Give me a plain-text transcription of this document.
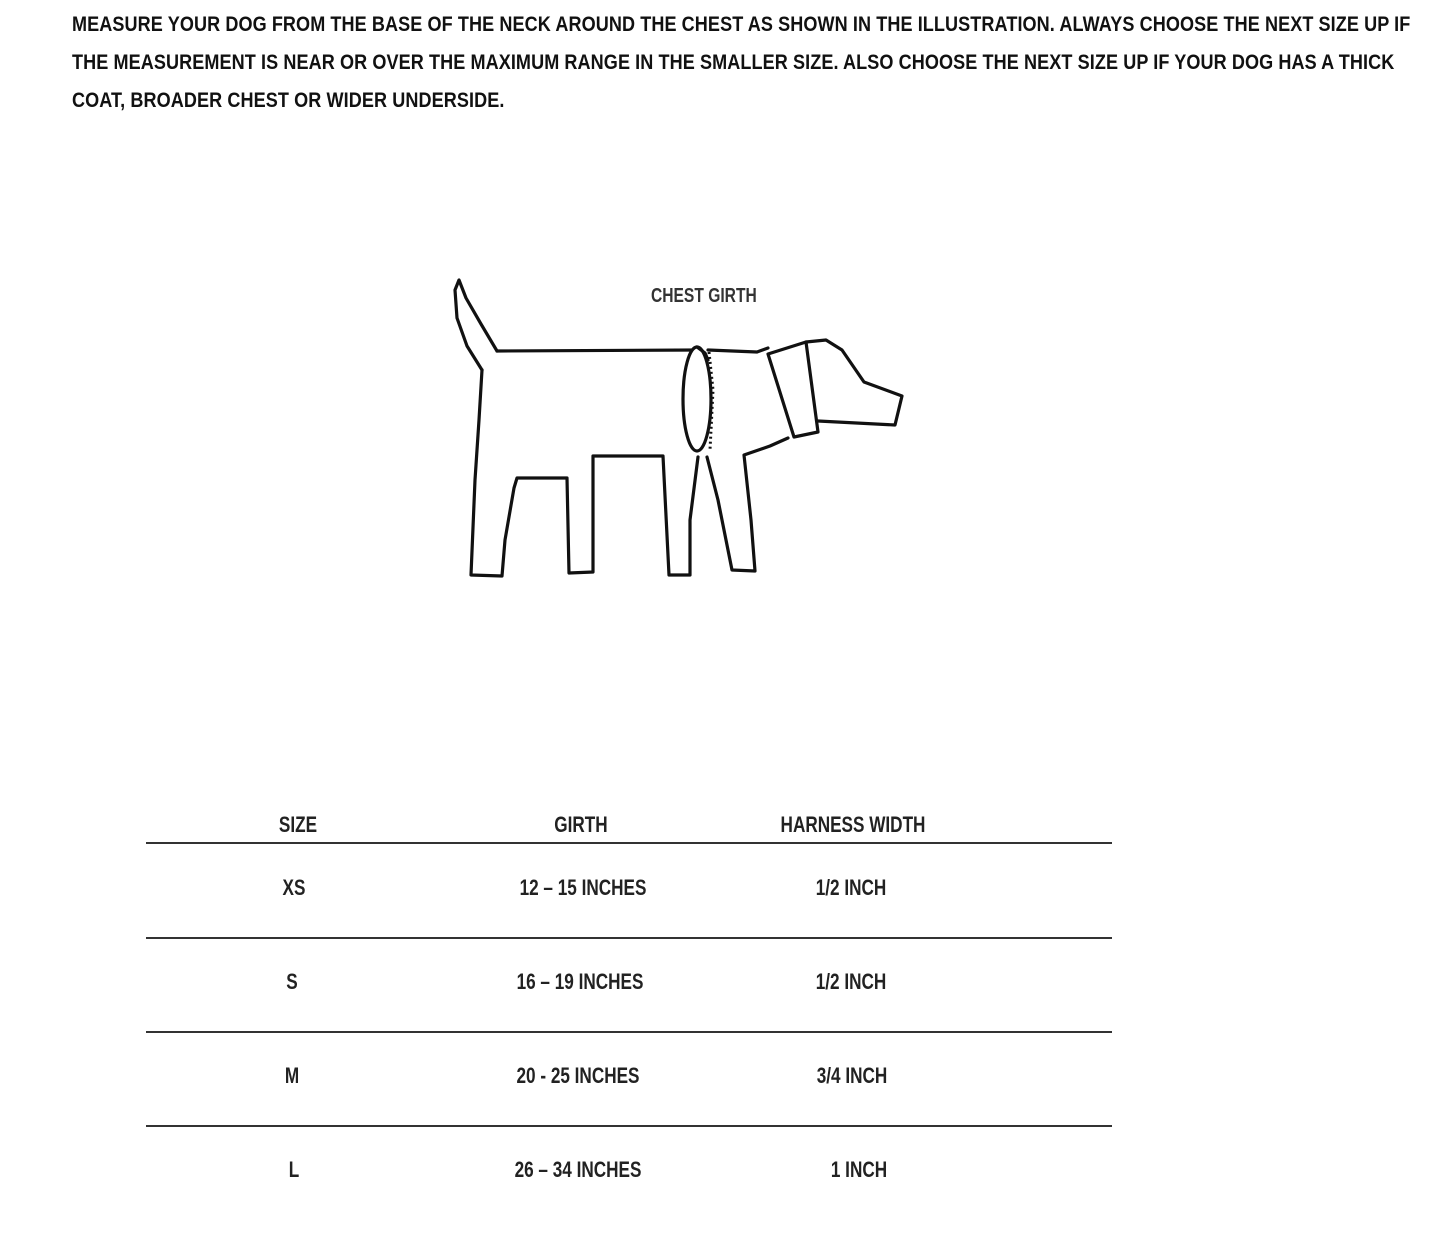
MEASURE YOUR DOG FROM THE BASE OF THE NECK AROUND THE CHEST AS SHOWN IN THE ILLUSTRATION. ALWAYS CHOOSE THE NEXT SIZE UP IF THE MEASUREMENT IS NEAR OR OVER THE MAXIMUM RANGE IN THE SMALLER SIZE. ALSO CHOOSE THE NEXT SIZE UP IF YOUR DOG HAS A THICK COAT, BROADER CHEST OR WIDER UNDERSIDE.

CHEST GIRTH
SIZE	GIRTH	HARNESS WIDTH
XS	12 – 15 INCHES	1/2 INCH
S	16 – 19 INCHES	1/2 INCH
M	20 - 25 INCHES	3/4 INCH
L	26 – 34 INCHES	1 INCH
